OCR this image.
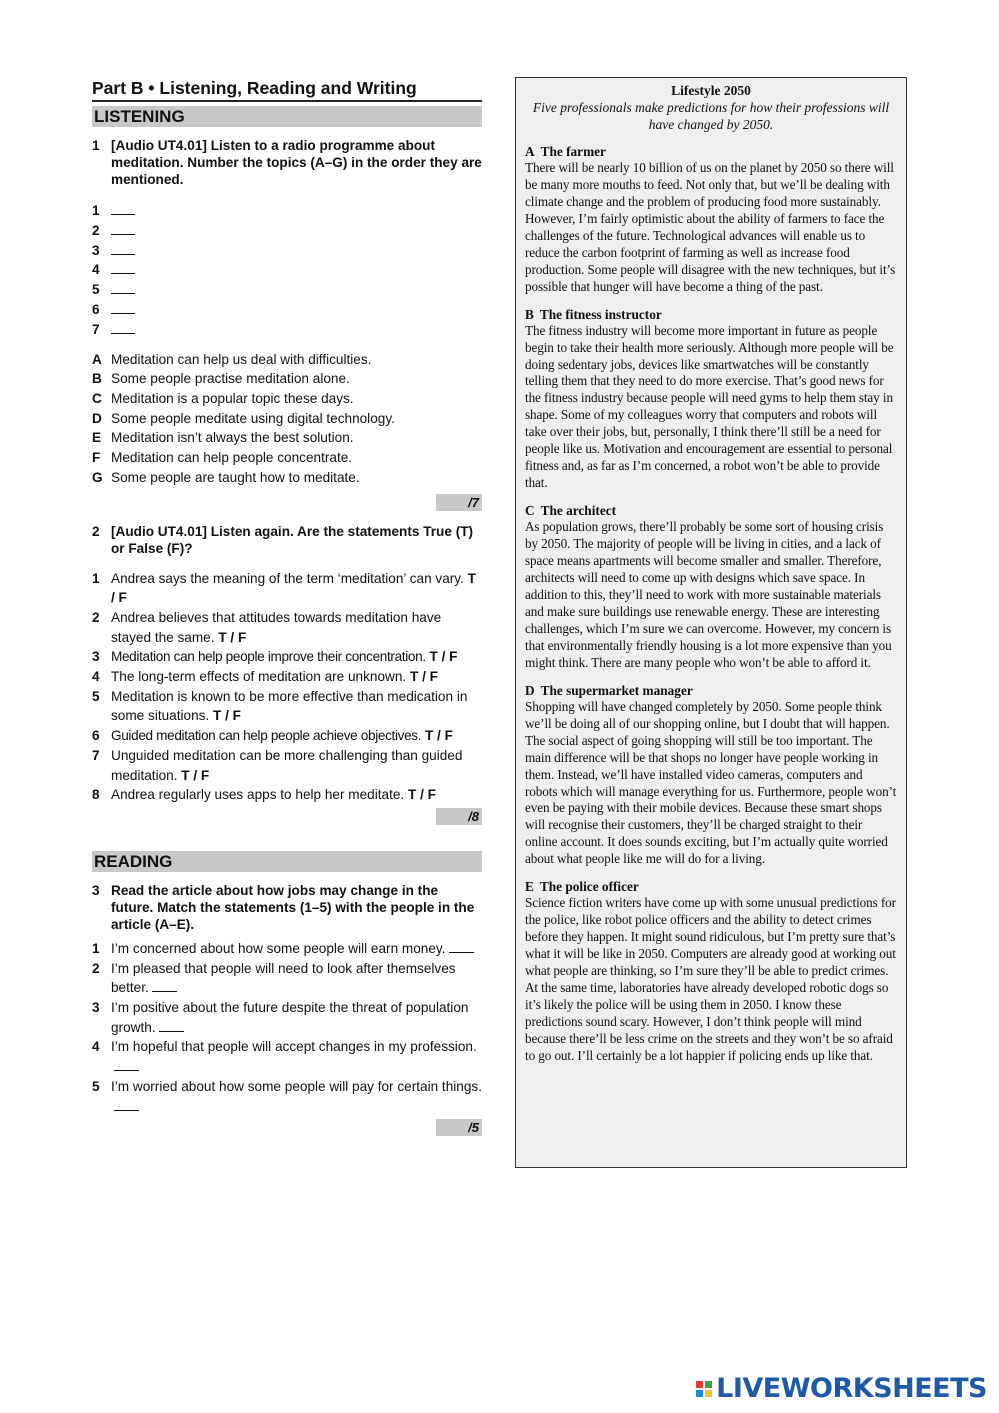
Part B • Listening, Reading and Writing
LISTENING
1 [Audio UT4.01] Listen to a radio programme about meditation. Number the topics (A–G) in the order they are mentioned.
1
2
3
4
5
6
7
A Meditation can help us deal with difficulties.
B Some people practise meditation alone.
C Meditation is a popular topic these days.
D Some people meditate using digital technology.
E Meditation isn’t always the best solution.
F Meditation can help people concentrate.
G Some people are taught how to meditate.
/7
2 [Audio UT4.01] Listen again. Are the statements True (T) or False (F)?
1 Andrea says the meaning of the term ‘meditation’ can vary. T / F
2 Andrea believes that attitudes towards meditation have stayed the same. T / F
3 Meditation can help people improve their concentration. T / F
4 The long-term effects of meditation are unknown. T / F
5 Meditation is known to be more effective than medication in some situations. T / F
6 Guided meditation can help people achieve objectives. T / F
7 Unguided meditation can be more challenging than guided meditation. T / F
8 Andrea regularly uses apps to help her meditate. T / F
/8
READING
3 Read the article about how jobs may change in the future. Match the statements (1–5) with the people in the article (A–E).
1 I’m concerned about how some people will earn money.
2 I’m pleased that people will need to look after themselves better.
3 I’m positive about the future despite the threat of population growth.
4 I’m hopeful that people will accept changes in my profession.
5 I’m worried about how some people will pay for certain things.
/5
Lifestyle 2050
Five professionals make predictions for how their professions will have changed by 2050.
A The farmer
There will be nearly 10 billion of us on the planet by 2050 so there will be many more mouths to feed. Not only that, but we’ll be dealing with climate change and the problem of producing food more sustainably. However, I’m fairly optimistic about the ability of farmers to face the challenges of the future. Technological advances will enable us to reduce the carbon footprint of farming as well as increase food production. Some people will disagree with the new techniques, but it’s possible that hunger will have become a thing of the past.
B The fitness instructor
The fitness industry will become more important in future as people begin to take their health more seriously. Although more people will be doing sedentary jobs, devices like smartwatches will be constantly telling them that they need to do more exercise. That’s good news for the fitness industry because people will need gyms to help them stay in shape. Some of my colleagues worry that computers and robots will take over their jobs, but, personally, I think there’ll still be a need for people like us. Motivation and encouragement are essential to personal fitness and, as far as I’m concerned, a robot won’t be able to provide that.
C The architect
As population grows, there’ll probably be some sort of housing crisis by 2050. The majority of people will be living in cities, and a lack of space means apartments will become smaller and smaller. Therefore, architects will need to come up with designs which save space. In addition to this, they’ll need to work with more sustainable materials and make sure buildings use renewable energy. These are interesting challenges, which I’m sure we can overcome. However, my concern is that environmentally friendly housing is a lot more expensive than you might think. There are many people who won’t be able to afford it.
D The supermarket manager
Shopping will have changed completely by 2050. Some people think we’ll be doing all of our shopping online, but I doubt that will happen. The social aspect of going shopping will still be too important. The main difference will be that shops no longer have people working in them. Instead, we’ll have installed video cameras, computers and robots which will manage everything for us. Furthermore, people won’t even be paying with their mobile devices. Because these smart shops will recognise their customers, they’ll be charged straight to their online account. It does sounds exciting, but I’m actually quite worried about what people like me will do for a living.
E The police officer
Science fiction writers have come up with some unusual predictions for the police, like robot police officers and the ability to detect crimes before they happen. It might sound ridiculous, but I’m pretty sure that’s what it will be like in 2050. Computers are already good at working out what people are thinking, so I’m sure they’ll be able to predict crimes. At the same time, laboratories have already developed robotic dogs so it’s likely the police will be using them in 2050. I know these predictions sound scary. However, I don’t think people will mind because there’ll be less crime on the streets and they won’t be so afraid to go out. I’ll certainly be a lot happier if policing ends up like that.
LIVEWORKSHEETS
